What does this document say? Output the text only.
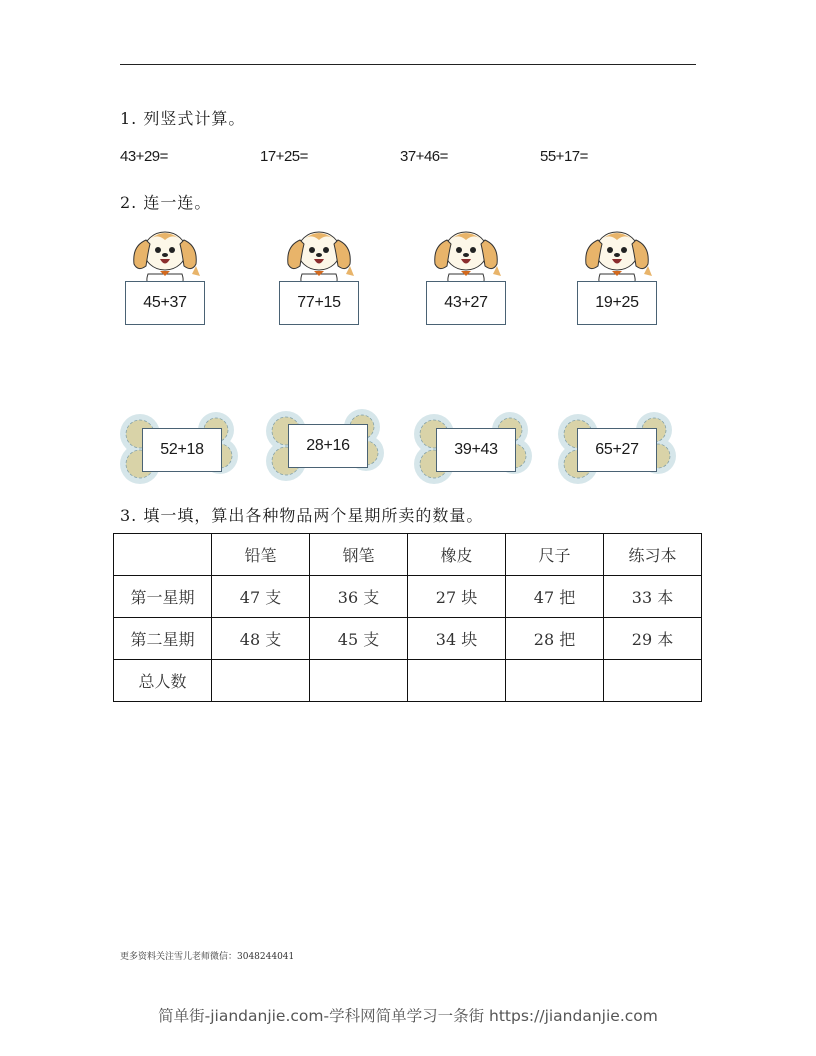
1. 列竖式计算。
43+29=	17+25=	37+46=	55+17=
2. 连一连。
45+37	77+15	43+27	19+25
52+18	28+16	39+43	65+27
3. 填一填，算出各种物品两个星期所卖的数量。
	铅笔	钢笔	橡皮	尺子	练习本
第一星期	47 支	36 支	27 块	47 把	33 本
第二星期	48 支	45 支	34 块	28 把	29 本
总人数					
更多资料关注雪儿老师微信：3048244041
简单街-jiandanjie.com-学科网简单学习一条街 https://jiandanjie.com
